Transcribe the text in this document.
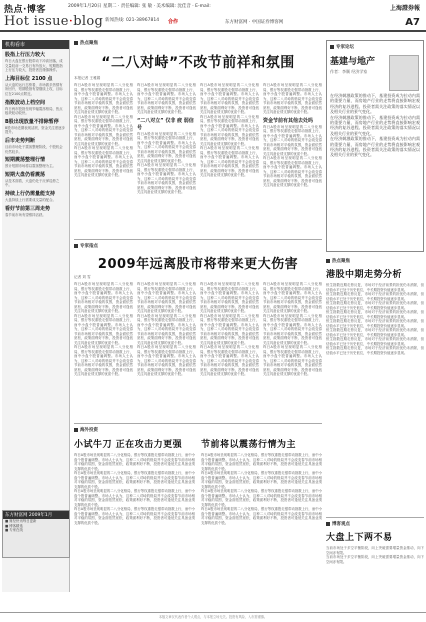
热点·博客	2009年1月20日 星期二 · 责任编辑: 张 敏 · 美术编辑: 沈佳音 · E-mail:	上海證券報
Hot issue·blog 新闻热线: 021-38967814 合作	东方财富网 · 中国证券博客网	A7
机构看市
股指上行压力较大

昨日大盘在银行股带动下冲高回落，成交量较前一交易日有所放大，短期股指上行压力较大，投资者宜谨慎操作。

上海目标位 2100 点

从大盘的运行态势看，市场做多热情有所回升，短期股指有望继续上攻，目标位在2100点附近。

指数波动上档空间

昨日两市股指呈现窄幅震荡格局，热点板块轮动较快。

B股出现放量不排除暂停

B股市场近期表现活跃，资金关注度逐步提升。

后市走势判断

目前市场处于震荡整理阶段，个股机会仍然较多。

短期震荡整理行情

预计短期市场将以震荡整理为主。

短期大盘仍看震荡

从技术面看，大盘仍处于反弹趋势之中。

持续上行仍需量能支持

大盘持续上行需要成交量的配合。

看好节前第三周走势

春节前市场有望维持活跃。

东方财富网 2009年1月
■ 财经快讯每日更新
■ 博客精选
■ 专家在线
热点聚焦
“二八对峙”不改节前祥和氛围
本报记者 王雅娟

昨日A股市场呈现明显的二八分化格局，银行等权重股走强带动指数上行，而中小盘个股普遍调整。市场人士认为，这种二八对峙的格局并不会改变春节前市场相对平稳的氛围，资金面依然宽松，政策面利好不断，投资者可逢低关注具备业绩支撑的优质个股。

昨日A股市场呈现明显的二八分化格局，银行等权重股走强带动指数上行，而中小盘个股普遍调整。市场人士认为，这种二八对峙的格局并不会改变春节前市场相对平稳的氛围，资金面依然宽松，政策面利好不断，投资者可逢低关注具备业绩支撑的优质个股。

昨日A股市场呈现明显的二八分化格局，银行等权重股走强带动指数上行，而中小盘个股普遍调整。市场人士认为，这种二八对峙的格局并不会改变春节前市场相对平稳的氛围，资金面依然宽松，政策面利好不断，投资者可逢低关注具备业绩支撑的优质个股。

昨日A股市场呈现明显的二八分化格局，银行等权重股走强带动指数上行，而中小盘个股普遍调整。市场人士认为，这种二八对峙的格局并不会改变春节前市场相对平稳的氛围，资金面依然宽松，政策面利好不断，投资者可逢低关注具备业绩支撑的优质个股。

“二八对立” 仅非 疲 弱信号

昨日A股市场呈现明显的二八分化格局，银行等权重股走强带动指数上行，而中小盘个股普遍调整。市场人士认为，这种二八对峙的格局并不会改变春节前市场相对平稳的氛围，资金面依然宽松，政策面利好不断，投资者可逢低关注具备业绩支撑的优质个股。

昨日A股市场呈现明显的二八分化格局，银行等权重股走强带动指数上行，而中小盘个股普遍调整。市场人士认为，这种二八对峙的格局并不会改变春节前市场相对平稳的氛围，资金面依然宽松，政策面利好不断，投资者可逢低关注具备业绩支撑的优质个股。

昨日A股市场呈现明显的二八分化格局，银行等权重股走强带动指数上行，而中小盘个股普遍调整。市场人士认为，这种二八对峙的格局并不会改变春节前市场相对平稳的氛围，资金面依然宽松，政策面利好不断，投资者可逢低关注具备业绩支撑的优质个股。

昨日A股市场呈现明显的二八分化格局，银行等权重股走强带动指数上行，而中小盘个股普遍调整。市场人士认为，这种二八对峙的格局并不会改变春节前市场相对平稳的氛围，资金面依然宽松，政策面利好不断，投资者可逢低关注具备业绩支撑的优质个股。

昨日A股市场呈现明显的二八分化格局，银行等权重股走强带动指数上行，而中小盘个股普遍调整。市场人士认为，这种二八对峙的格局并不会改变春节前市场相对平稳的氛围，资金面依然宽松，政策面利好不断，投资者可逢低关注具备业绩支撑的优质个股。

昨日A股市场呈现明显的二八分化格局，银行等权重股走强带动指数上行，而中小盘个股普遍调整。市场人士认为，这种二八对峙的格局并不会改变春节前市场相对平稳的氛围，资金面依然宽松，政策面利好不断，投资者可逢低关注具备业绩支撑的优质个股。

资金节前有其他去处吗

昨日A股市场呈现明显的二八分化格局，银行等权重股走强带动指数上行，而中小盘个股普遍调整。市场人士认为，这种二八对峙的格局并不会改变春节前市场相对平稳的氛围，资金面依然宽松，政策面利好不断，投资者可逢低关注具备业绩支撑的优质个股。

昨日A股市场呈现明显的二八分化格局，银行等权重股走强带动指数上行，而中小盘个股普遍调整。市场人士认为，这种二八对峙的格局并不会改变春节前市场相对平稳的氛围，资金面依然宽松，政策面利好不断，投资者可逢低关注具备业绩支撑的优质个股。

专家指点
2009年远离股市将带来更大伤害
记者 刘 雪

昨日A股市场呈现明显的二八分化格局，银行等权重股走强带动指数上行，而中小盘个股普遍调整。市场人士认为，这种二八对峙的格局并不会改变春节前市场相对平稳的氛围，资金面依然宽松，政策面利好不断，投资者可逢低关注具备业绩支撑的优质个股。

昨日A股市场呈现明显的二八分化格局，银行等权重股走强带动指数上行，而中小盘个股普遍调整。市场人士认为，这种二八对峙的格局并不会改变春节前市场相对平稳的氛围，资金面依然宽松，政策面利好不断，投资者可逢低关注具备业绩支撑的优质个股。

昨日A股市场呈现明显的二八分化格局，银行等权重股走强带动指数上行，而中小盘个股普遍调整。市场人士认为，这种二八对峙的格局并不会改变春节前市场相对平稳的氛围，资金面依然宽松，政策面利好不断，投资者可逢低关注具备业绩支撑的优质个股。

昨日A股市场呈现明显的二八分化格局，银行等权重股走强带动指数上行，而中小盘个股普遍调整。市场人士认为，这种二八对峙的格局并不会改变春节前市场相对平稳的氛围，资金面依然宽松，政策面利好不断，投资者可逢低关注具备业绩支撑的优质个股。

昨日A股市场呈现明显的二八分化格局，银行等权重股走强带动指数上行，而中小盘个股普遍调整。市场人士认为，这种二八对峙的格局并不会改变春节前市场相对平稳的氛围，资金面依然宽松，政策面利好不断，投资者可逢低关注具备业绩支撑的优质个股。

昨日A股市场呈现明显的二八分化格局，银行等权重股走强带动指数上行，而中小盘个股普遍调整。市场人士认为，这种二八对峙的格局并不会改变春节前市场相对平稳的氛围，资金面依然宽松，政策面利好不断，投资者可逢低关注具备业绩支撑的优质个股。

昨日A股市场呈现明显的二八分化格局，银行等权重股走强带动指数上行，而中小盘个股普遍调整。市场人士认为，这种二八对峙的格局并不会改变春节前市场相对平稳的氛围，资金面依然宽松，政策面利好不断，投资者可逢低关注具备业绩支撑的优质个股。

昨日A股市场呈现明显的二八分化格局，银行等权重股走强带动指数上行，而中小盘个股普遍调整。市场人士认为，这种二八对峙的格局并不会改变春节前市场相对平稳的氛围，资金面依然宽松，政策面利好不断，投资者可逢低关注具备业绩支撑的优质个股。

昨日A股市场呈现明显的二八分化格局，银行等权重股走强带动指数上行，而中小盘个股普遍调整。市场人士认为，这种二八对峙的格局并不会改变春节前市场相对平稳的氛围，资金面依然宽松，政策面利好不断，投资者可逢低关注具备业绩支撑的优质个股。

昨日A股市场呈现明显的二八分化格局，银行等权重股走强带动指数上行，而中小盘个股普遍调整。市场人士认为，这种二八对峙的格局并不会改变春节前市场相对平稳的氛围，资金面依然宽松，政策面利好不断，投资者可逢低关注具备业绩支撑的优质个股。

昨日A股市场呈现明显的二八分化格局，银行等权重股走强带动指数上行，而中小盘个股普遍调整。市场人士认为，这种二八对峙的格局并不会改变春节前市场相对平稳的氛围，资金面依然宽松，政策面利好不断，投资者可逢低关注具备业绩支撑的优质个股。

昨日A股市场呈现明显的二八分化格局，银行等权重股走强带动指数上行，而中小盘个股普遍调整。市场人士认为，这种二八对峙的格局并不会改变春节前市场相对平稳的氛围，资金面依然宽松，政策面利好不断，投资者可逢低关注具备业绩支撑的优质个股。

海外投资
小试牛刀 正在攻击力更强

昨日A股市场呈现明显的二八分化格局，银行等权重股走强带动指数上行，而中小盘个股普遍调整。市场人士认为，这种二八对峙的格局并不会改变春节前市场相对平稳的氛围，资金面依然宽松，政策面利好不断，投资者可逢低关注具备业绩支撑的优质个股。

昨日A股市场呈现明显的二八分化格局，银行等权重股走强带动指数上行，而中小盘个股普遍调整。市场人士认为，这种二八对峙的格局并不会改变春节前市场相对平稳的氛围，资金面依然宽松，政策面利好不断，投资者可逢低关注具备业绩支撑的优质个股。

昨日A股市场呈现明显的二八分化格局，银行等权重股走强带动指数上行，而中小盘个股普遍调整。市场人士认为，这种二八对峙的格局并不会改变春节前市场相对平稳的氛围，资金面依然宽松，政策面利好不断，投资者可逢低关注具备业绩支撑的优质个股。

昨日A股市场呈现明显的二八分化格局，银行等权重股走强带动指数上行，而中小盘个股普遍调整。市场人士认为，这种二八对峙的格局并不会改变春节前市场相对平稳的氛围，资金面依然宽松，政策面利好不断，投资者可逢低关注具备业绩支撑的优质个股。

节前将以震荡行情为主

昨日A股市场呈现明显的二八分化格局，银行等权重股走强带动指数上行，而中小盘个股普遍调整。市场人士认为，这种二八对峙的格局并不会改变春节前市场相对平稳的氛围，资金面依然宽松，政策面利好不断，投资者可逢低关注具备业绩支撑的优质个股。

昨日A股市场呈现明显的二八分化格局，银行等权重股走强带动指数上行，而中小盘个股普遍调整。市场人士认为，这种二八对峙的格局并不会改变春节前市场相对平稳的氛围，资金面依然宽松，政策面利好不断，投资者可逢低关注具备业绩支撑的优质个股。

昨日A股市场呈现明显的二八分化格局，银行等权重股走强带动指数上行，而中小盘个股普遍调整。市场人士认为，这种二八对峙的格局并不会改变春节前市场相对平稳的氛围，资金面依然宽松，政策面利好不断，投资者可逢低关注具备业绩支撑的优质个股。

昨日A股市场呈现明显的二八分化格局，银行等权重股走强带动指数上行，而中小盘个股普遍调整。市场人士认为，这种二八对峙的格局并不会改变春节前市场相对平稳的氛围，资金面依然宽松，政策面利好不断，投资者可逢低关注具备业绩支撑的优质个股。

专家论坛
基建与地产
作者：李顺 经济学家

在经济刺激政策的推动下，基建投资成为拉动内需的重要力量，而房地产行业的走势将直接影响宏观经济的复苏进程。投资者需关注政策的落实情况以及相关行业的景气变化。

在经济刺激政策的推动下，基建投资成为拉动内需的重要力量，而房地产行业的走势将直接影响宏观经济的复苏进程。投资者需关注政策的落实情况以及相关行业的景气变化。

在经济刺激政策的推动下，基建投资成为拉动内需的重要力量，而房地产行业的走势将直接影响宏观经济的复苏进程。投资者需关注政策的落实情况以及相关行业的景气变化。

热点聚焦
港股中期走势分析

恒生指数近期走势反复，市场对于经济前景的担忧仍未消除，但估值水平已处于历史低位，中长期投资价值逐步显现。

恒生指数近期走势反复，市场对于经济前景的担忧仍未消除，但估值水平已处于历史低位，中长期投资价值逐步显现。

恒生指数近期走势反复，市场对于经济前景的担忧仍未消除，但估值水平已处于历史低位，中长期投资价值逐步显现。

恒生指数近期走势反复，市场对于经济前景的担忧仍未消除，但估值水平已处于历史低位，中长期投资价值逐步显现。

恒生指数近期走势反复，市场对于经济前景的担忧仍未消除，但估值水平已处于历史低位，中长期投资价值逐步显现。

恒生指数近期走势反复，市场对于经济前景的担忧仍未消除，但估值水平已处于历史低位，中长期投资价值逐步显现。

恒生指数近期走势反复，市场对于经济前景的担忧仍未消除，但估值水平已处于历史低位，中长期投资价值逐步显现。

恒生指数近期走势反复，市场对于经济前景的担忧仍未消除，但估值水平已处于历史低位，中长期投资价值逐步显现。

博客观点
大盘上下两不易

当前市场处于多空平衡阶段，向上突破需要增量资金推动，向下空间亦有限。

当前市场处于多空平衡阶段，向上突破需要增量资金推动，向下空间亦有限。

本版文章仅代表作者个人观点，与本报立场无关。投资有风险，入市需谨慎。
